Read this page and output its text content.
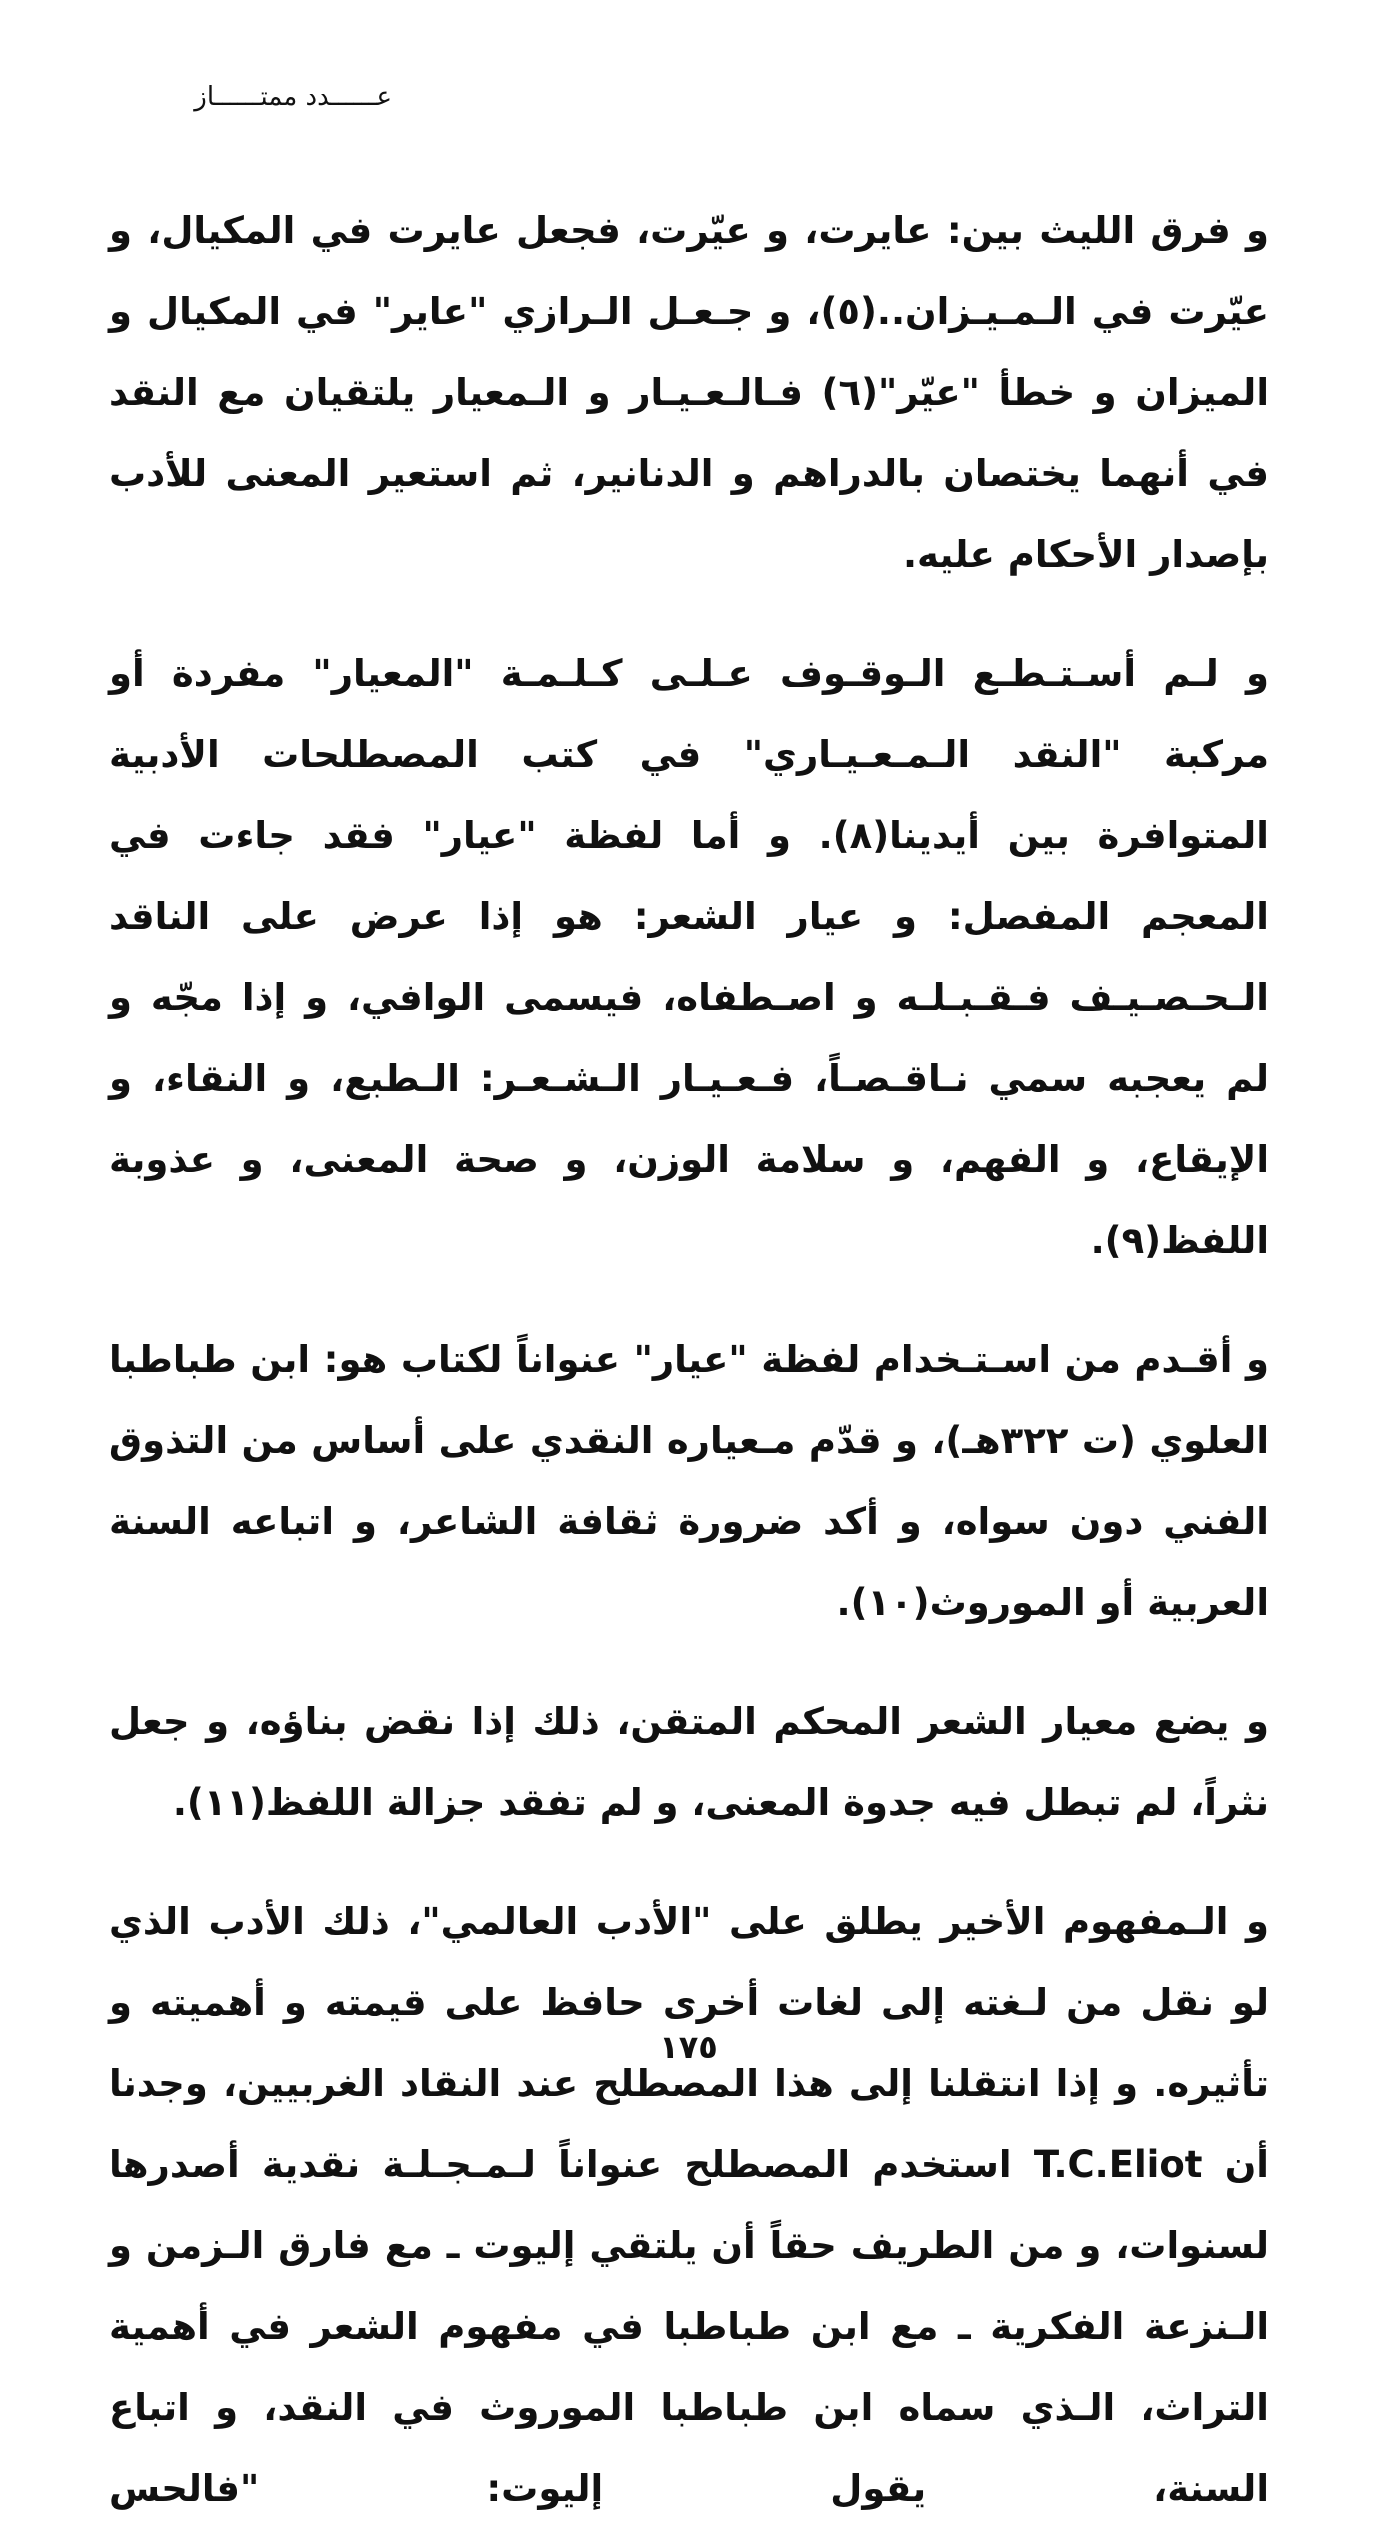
عــــــدد ممتــــــاز

و فرق الليث بين: عايرت، و عيّرت، فجعل عايرت في المكيال، و عيّرت في الـمـيـزان..(٥)، و جـعـل الـرازي "عاير" في المكيال و الميزان و خطأ "عيّر"(٦) فـالـعـيـار و الـمعيار يلتقيان مع النقد في أنهما يختصان بالدراهم و الدنانير، ثم استعير المعنى للأدب بإصدار الأحكام عليه.

و لـم أسـتـطـع الـوقـوف عـلـى كـلـمـة "المعيار" مفردة أو مركبة "النقد الـمـعـيـاري" في كتب المصطلحات الأدبية المتوافرة بين أيدينا(٨). و أما لفظة "عيار" فقد جاءت في المعجم المفصل: و عيار الشعر: هو إذا عرض على الناقد الـحـصـيـف فـقـبـلـه و اصـطفاه، فيسمى الوافي، و إذا مجّه و لم يعجبه سمي نـاقـصـاً، فـعـيـار الـشـعـر: الـطبع، و النقاء، و الإيقاع، و الفهم، و سلامة الوزن، و صحة المعنى، و عذوبة اللفظ(٩).

و أقـدم من اسـتـخدام لفظة "عيار" عنواناً لكتاب هو: ابن طباطبا العلوي (ت ٣٢٢هـ)، و قدّم مـعياره النقدي على أساس من التذوق الفني دون سواه، و أكد ضرورة ثقافة الشاعر، و اتباعه السنة العربية أو الموروث(١٠).

و يضع معيار الشعر المحكم المتقن، ذلك إذا نقض بناؤه، و جعل نثراً، لم تبطل فيه جدوة المعنى، و لم تفقد جزالة اللفظ(١١).

و الـمفهوم الأخير يطلق على "الأدب العالمي"، ذلك الأدب الذي لو نقل من لـغته إلى لغات أخرى حافظ على قيمته و أهميته و تأثيره. و إذا انتقلنا إلى هذا المصطلح عند النقاد الغربيين، وجدنا أن T.C.Eliot استخدم المصطلح عنواناً لـمـجـلـة نقدية أصدرها لسنوات، و من الطريف حقاً أن يلتقي إليوت ـ مع فارق الـزمن و الـنزعة الفكرية ـ مع ابن طباطبا في مفهوم الشعر في أهمية التراث، الـذي سماه ابن طباطبا الموروث في النقد، و اتباع السنة، يقول إليوت: "فالحس

١٧٥
